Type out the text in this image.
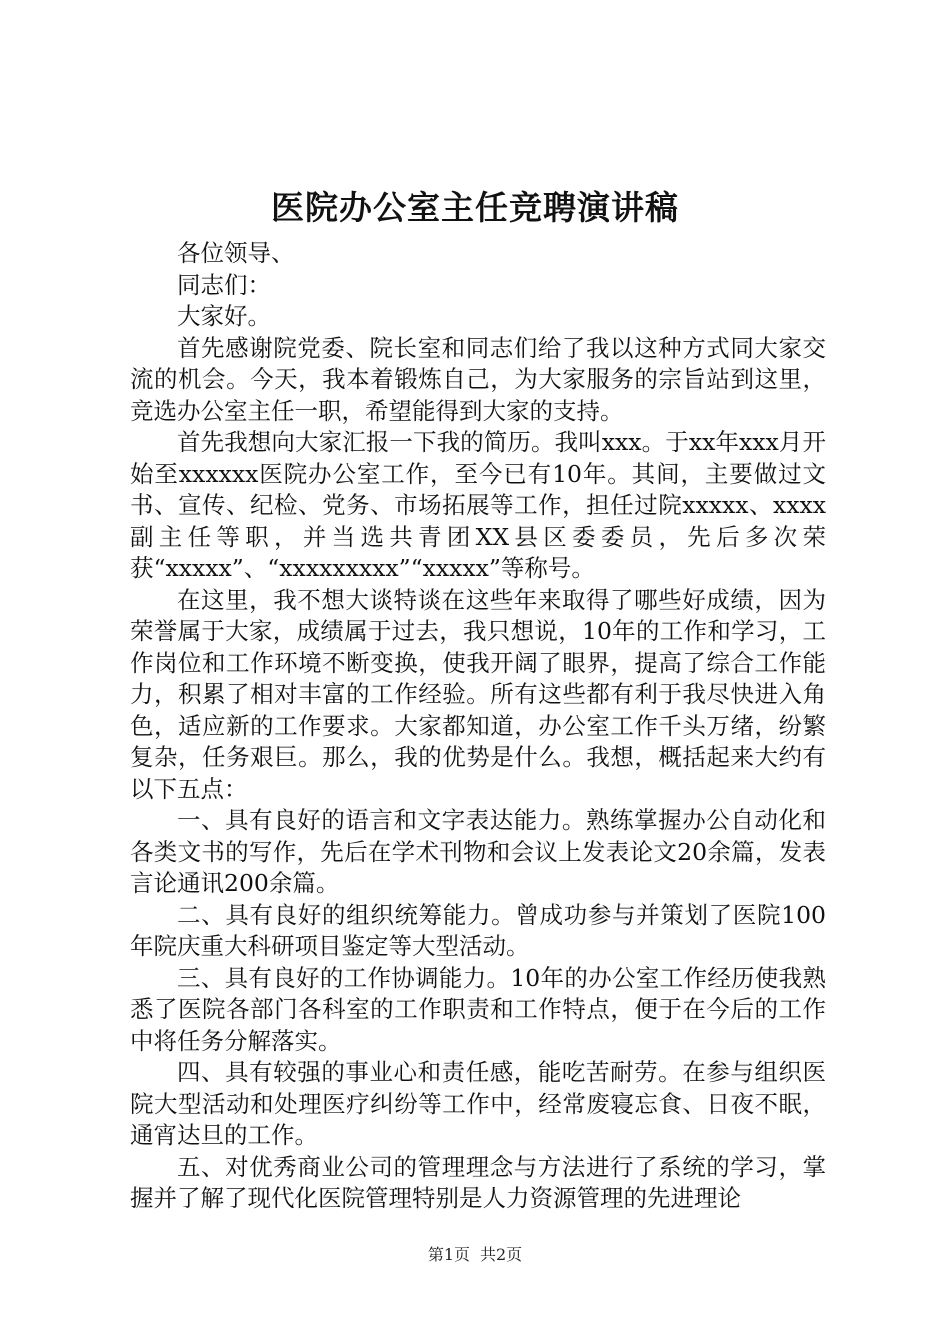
医院办公室主任竞聘演讲稿

各位领导、

同志们：

大家好。

首先感谢院党委、院长室和同志们给了我以这种方式同大家交流的机会。今天，我本着锻炼自己，为大家服务的宗旨站到这里，竞选办公室主任一职，希望能得到大家的支持。

首先我想向大家汇报一下我的简历。我叫xxx。于xx年xxx月开始至xxxxxx医院办公室工作，至今已有10年。其间，主要做过文书、宣传、纪检、党务、市场拓展等工作，担任过院xxxxx、xxxx副主任等职，并当选共青团XX县区委委员，先后多次荣获“xxxxx”、“xxxxxxxxx”“xxxxx”等称号。

在这里，我不想大谈特谈在这些年来取得了哪些好成绩，因为荣誉属于大家，成绩属于过去，我只想说，10年的工作和学习，工作岗位和工作环境不断变换，使我开阔了眼界，提高了综合工作能力，积累了相对丰富的工作经验。所有这些都有利于我尽快进入角色，适应新的工作要求。大家都知道，办公室工作千头万绪，纷繁复杂，任务艰巨。那么，我的优势是什么。我想，概括起来大约有以下五点：

一、具有良好的语言和文字表达能力。熟练掌握办公自动化和各类文书的写作，先后在学术刊物和会议上发表论文20余篇，发表言论通讯200余篇。

二、具有良好的组织统筹能力。曾成功参与并策划了医院100年院庆重大科研项目鉴定等大型活动。

三、具有良好的工作协调能力。10年的办公室工作经历使我熟悉了医院各部门各科室的工作职责和工作特点，便于在今后的工作中将任务分解落实。

四、具有较强的事业心和责任感，能吃苦耐劳。在参与组织医院大型活动和处理医疗纠纷等工作中，经常废寝忘食、日夜不眠，通宵达旦的工作。

五、对优秀商业公司的管理理念与方法进行了系统的学习，掌握并了解了现代化医院管理特别是人力资源管理的先进理论

第1页 共2页
